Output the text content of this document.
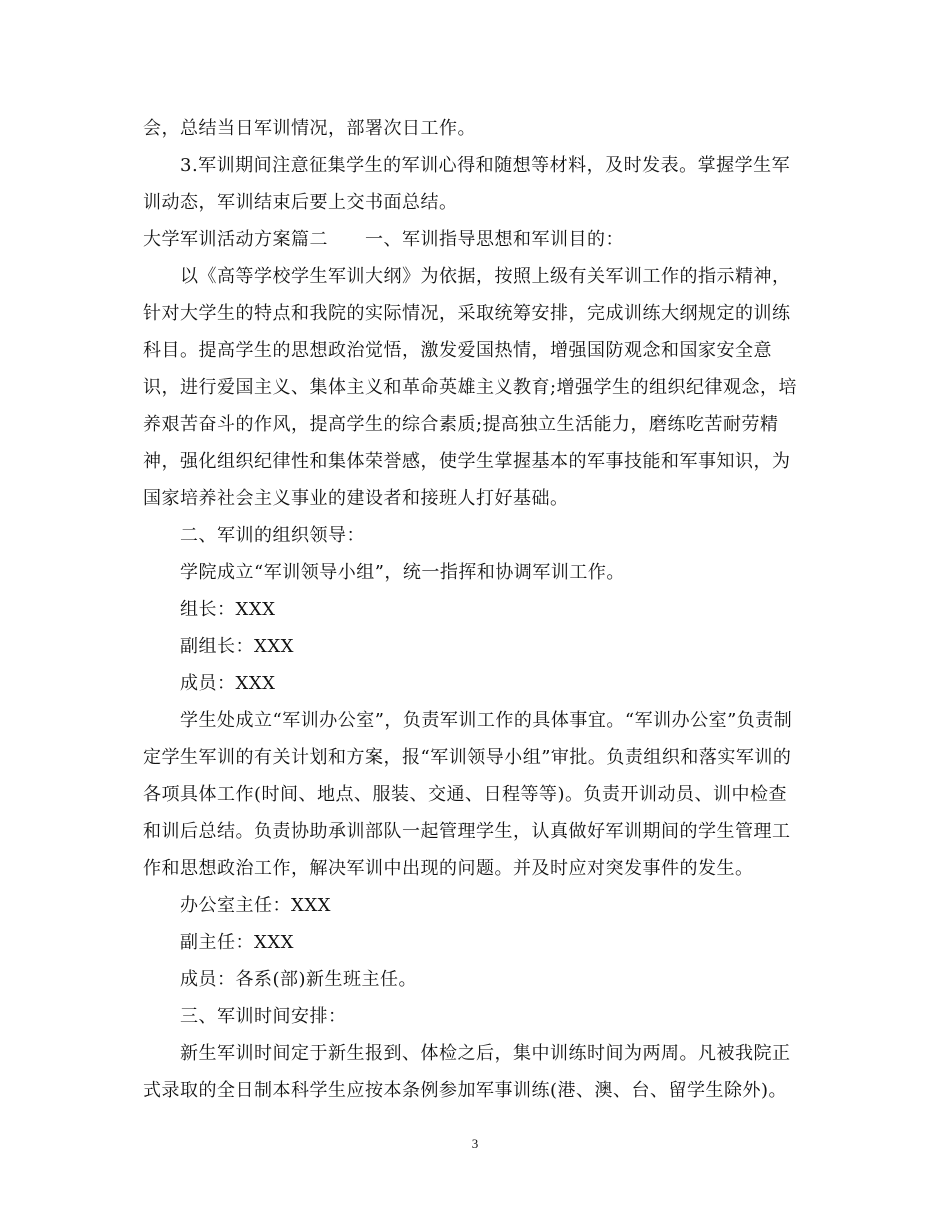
会，总结当日军训情况，部署次日工作。
3.军训期间注意征集学生的军训心得和随想等材料，及时发表。掌握学生军
训动态，军训结束后要上交书面总结。
大学军训活动方案篇二　　一、军训指导思想和军训目的：
以《高等学校学生军训大纲》为依据，按照上级有关军训工作的指示精神，
针对大学生的特点和我院的实际情况，采取统筹安排，完成训练大纲规定的训练
科目。提高学生的思想政治觉悟，激发爱国热情，增强国防观念和国家安全意
识，进行爱国主义、集体主义和革命英雄主义教育;增强学生的组织纪律观念，培
养艰苦奋斗的作风，提高学生的综合素质;提高独立生活能力，磨练吃苦耐劳精
神，强化组织纪律性和集体荣誉感，使学生掌握基本的军事技能和军事知识，为
国家培养社会主义事业的建设者和接班人打好基础。
二、军训的组织领导：
学院成立“军训领导小组”，统一指挥和协调军训工作。
组长：XXX
副组长：XXX
成员：XXX
学生处成立“军训办公室”，负责军训工作的具体事宜。“军训办公室”负责制
定学生军训的有关计划和方案，报“军训领导小组”审批。负责组织和落实军训的
各项具体工作(时间、地点、服装、交通、日程等等)。负责开训动员、训中检查
和训后总结。负责协助承训部队一起管理学生，认真做好军训期间的学生管理工
作和思想政治工作，解决军训中出现的问题。并及时应对突发事件的发生。
办公室主任：XXX
副主任：XXX
成员：各系(部)新生班主任。
三、军训时间安排：
新生军训时间定于新生报到、体检之后，集中训练时间为两周。凡被我院正
式录取的全日制本科学生应按本条例参加军事训练(港、澳、台、留学生除外)。
3
